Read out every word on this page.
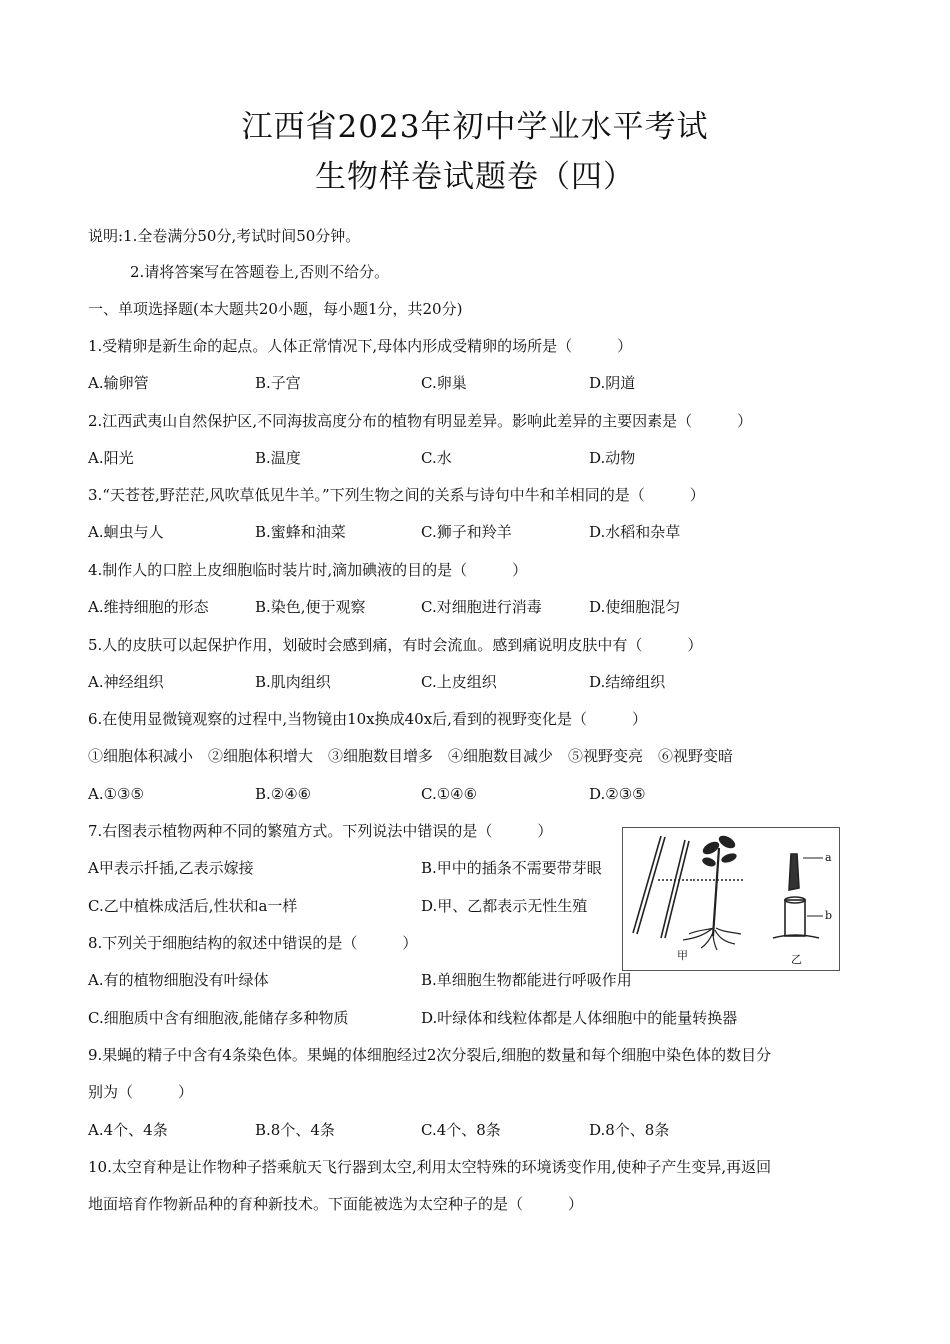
江西省2023年初中学业水平考试
生物样卷试题卷（四）
说明:1.全卷满分50分,考试时间50分钟。
2.请将答案写在答题卷上,否则不给分。
一、单项选择题(本大题共20小题，每小题1分，共20分)
1.受精卵是新生命的起点。人体正常情况下,母体内形成受精卵的场所是（　　　）
A.输卵管	B.子宫	C.卵巢	D.阴道
2.江西武夷山自然保护区,不同海拔高度分布的植物有明显差异。影响此差异的主要因素是（　　　）
A.阳光	B.温度	C.水	D.动物
3.“天苍苍,野茫茫,风吹草低见牛羊。”下列生物之间的关系与诗句中牛和羊相同的是（　　　）
A.蛔虫与人	B.蜜蜂和油菜	C.狮子和羚羊	D.水稻和杂草
4.制作人的口腔上皮细胞临时装片时,滴加碘液的目的是（　　　）
A.维持细胞的形态	B.染色,便于观察	C.对细胞进行消毒	D.使细胞混匀
5.人的皮肤可以起保护作用，划破时会感到痛，有时会流血。感到痛说明皮肤中有（　　　）
A.神经组织	B.肌肉组织	C.上皮组织	D.结缔组织
6.在使用显微镜观察的过程中,当物镜由10x换成40x后,看到的视野变化是（　　　）
①细胞体积减小　②细胞体积增大　③细胞数目增多　④细胞数目减少　⑤视野变亮　⑥视野变暗
A.①③⑤	B.②④⑥	C.①④⑥	D.②③⑤
7.右图表示植物两种不同的繁殖方式。下列说法中错误的是（　　　）
A甲表示扦插,乙表示嫁接	B.甲中的插条不需要带芽眼
C.乙中植株成活后,性状和a一样	D.甲、乙都表示无性生殖
甲	乙
a
b
8.下列关于细胞结构的叙述中错误的是（　　　）
A.有的植物细胞没有叶绿体	B.单细胞生物都能进行呼吸作用
C.细胞质中含有细胞液,能储存多种物质	D.叶绿体和线粒体都是人体细胞中的能量转换器
9.果蝇的精子中含有4条染色体。果蝇的体细胞经过2次分裂后,细胞的数量和每个细胞中染色体的数目分
别为（　　　）
A.4个、4条	B.8个、4条	C.4个、8条	D.8个、8条
10.太空育种是让作物种子搭乘航天飞行器到太空,利用太空特殊的环境诱变作用,使种子产生变异,再返回
地面培育作物新品种的育种新技术。下面能被选为太空种子的是（　　　）
